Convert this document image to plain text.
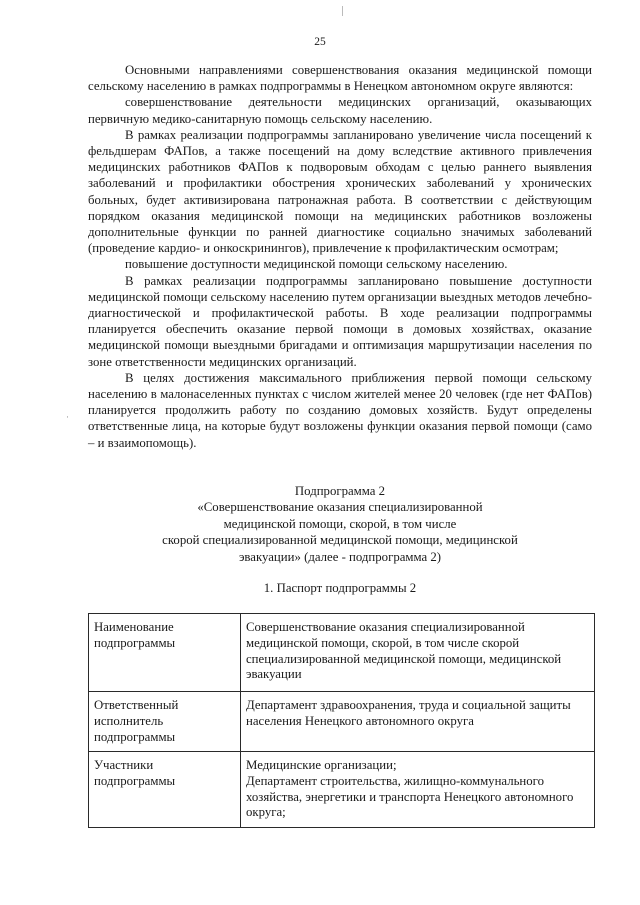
25

Основными направлениями совершенствования оказания медицинской помощи сельскому населению в рамках подпрограммы в Ненецком автономном округе являются:

совершенствование деятельности медицинских организаций, оказывающих первичную медико-санитарную помощь сельскому населению.

В рамках реализации подпрограммы запланировано увеличение числа посещений к фельдшерам ФАПов, а также посещений на дому вследствие активного привлечения медицинских работников ФАПов к подворовым обходам с целью раннего выявления заболеваний и профилактики обострения хронических заболеваний у хронических больных, будет активизирована патронажная работа. В соответствии с действующим порядком оказания медицинской помощи на медицинских работников возложены дополнительные функции по ранней диагностике социально значимых заболеваний (проведение кардио- и онкоскринингов), привлечение к профилактическим осмотрам;

повышение доступности медицинской помощи сельскому населению.

В рамках реализации подпрограммы запланировано повышение доступности медицинской помощи сельскому населению путем организации выездных методов лечебно-диагностической и профилактической работы. В ходе реализации подпрограммы планируется обеспечить оказание первой помощи в домовых хозяйствах, оказание медицинской помощи выездными бригадами и оптимизация маршрутизации населения по зоне ответственности медицинских организаций.

В целях достижения максимального приближения первой помощи сельскому населению в малонаселенных пунктах с числом жителей менее 20 человек (где нет ФАПов) планируется продолжить работу по созданию домовых хозяйств. Будут определены ответственные лица, на которые будут возложены функции оказания первой помощи (само – и взаимопомощь).

·
Подпрограмма 2
«Совершенствование оказания специализированной
медицинской помощи, скорой, в том числе
скорой специализированной медицинской помощи, медицинской
эвакуации» (далее - подпрограмма 2)
1. Паспорт подпрограммы 2
Наименование подпрограммы	Совершенствование оказания специализированной медицинской помощи, скорой, в том числе скорой специализированной медицинской помощи, медицинской эвакуации

Ответственный исполнитель подпрограммы	Департамент здравоохранения, труда и социальной защиты населения Ненецкого автономного округа

Участники подпрограммы	Медицинские организации;
Департамент строительства, жилищно-коммунального хозяйства, энергетики и транспорта Ненецкого автономного округа;
